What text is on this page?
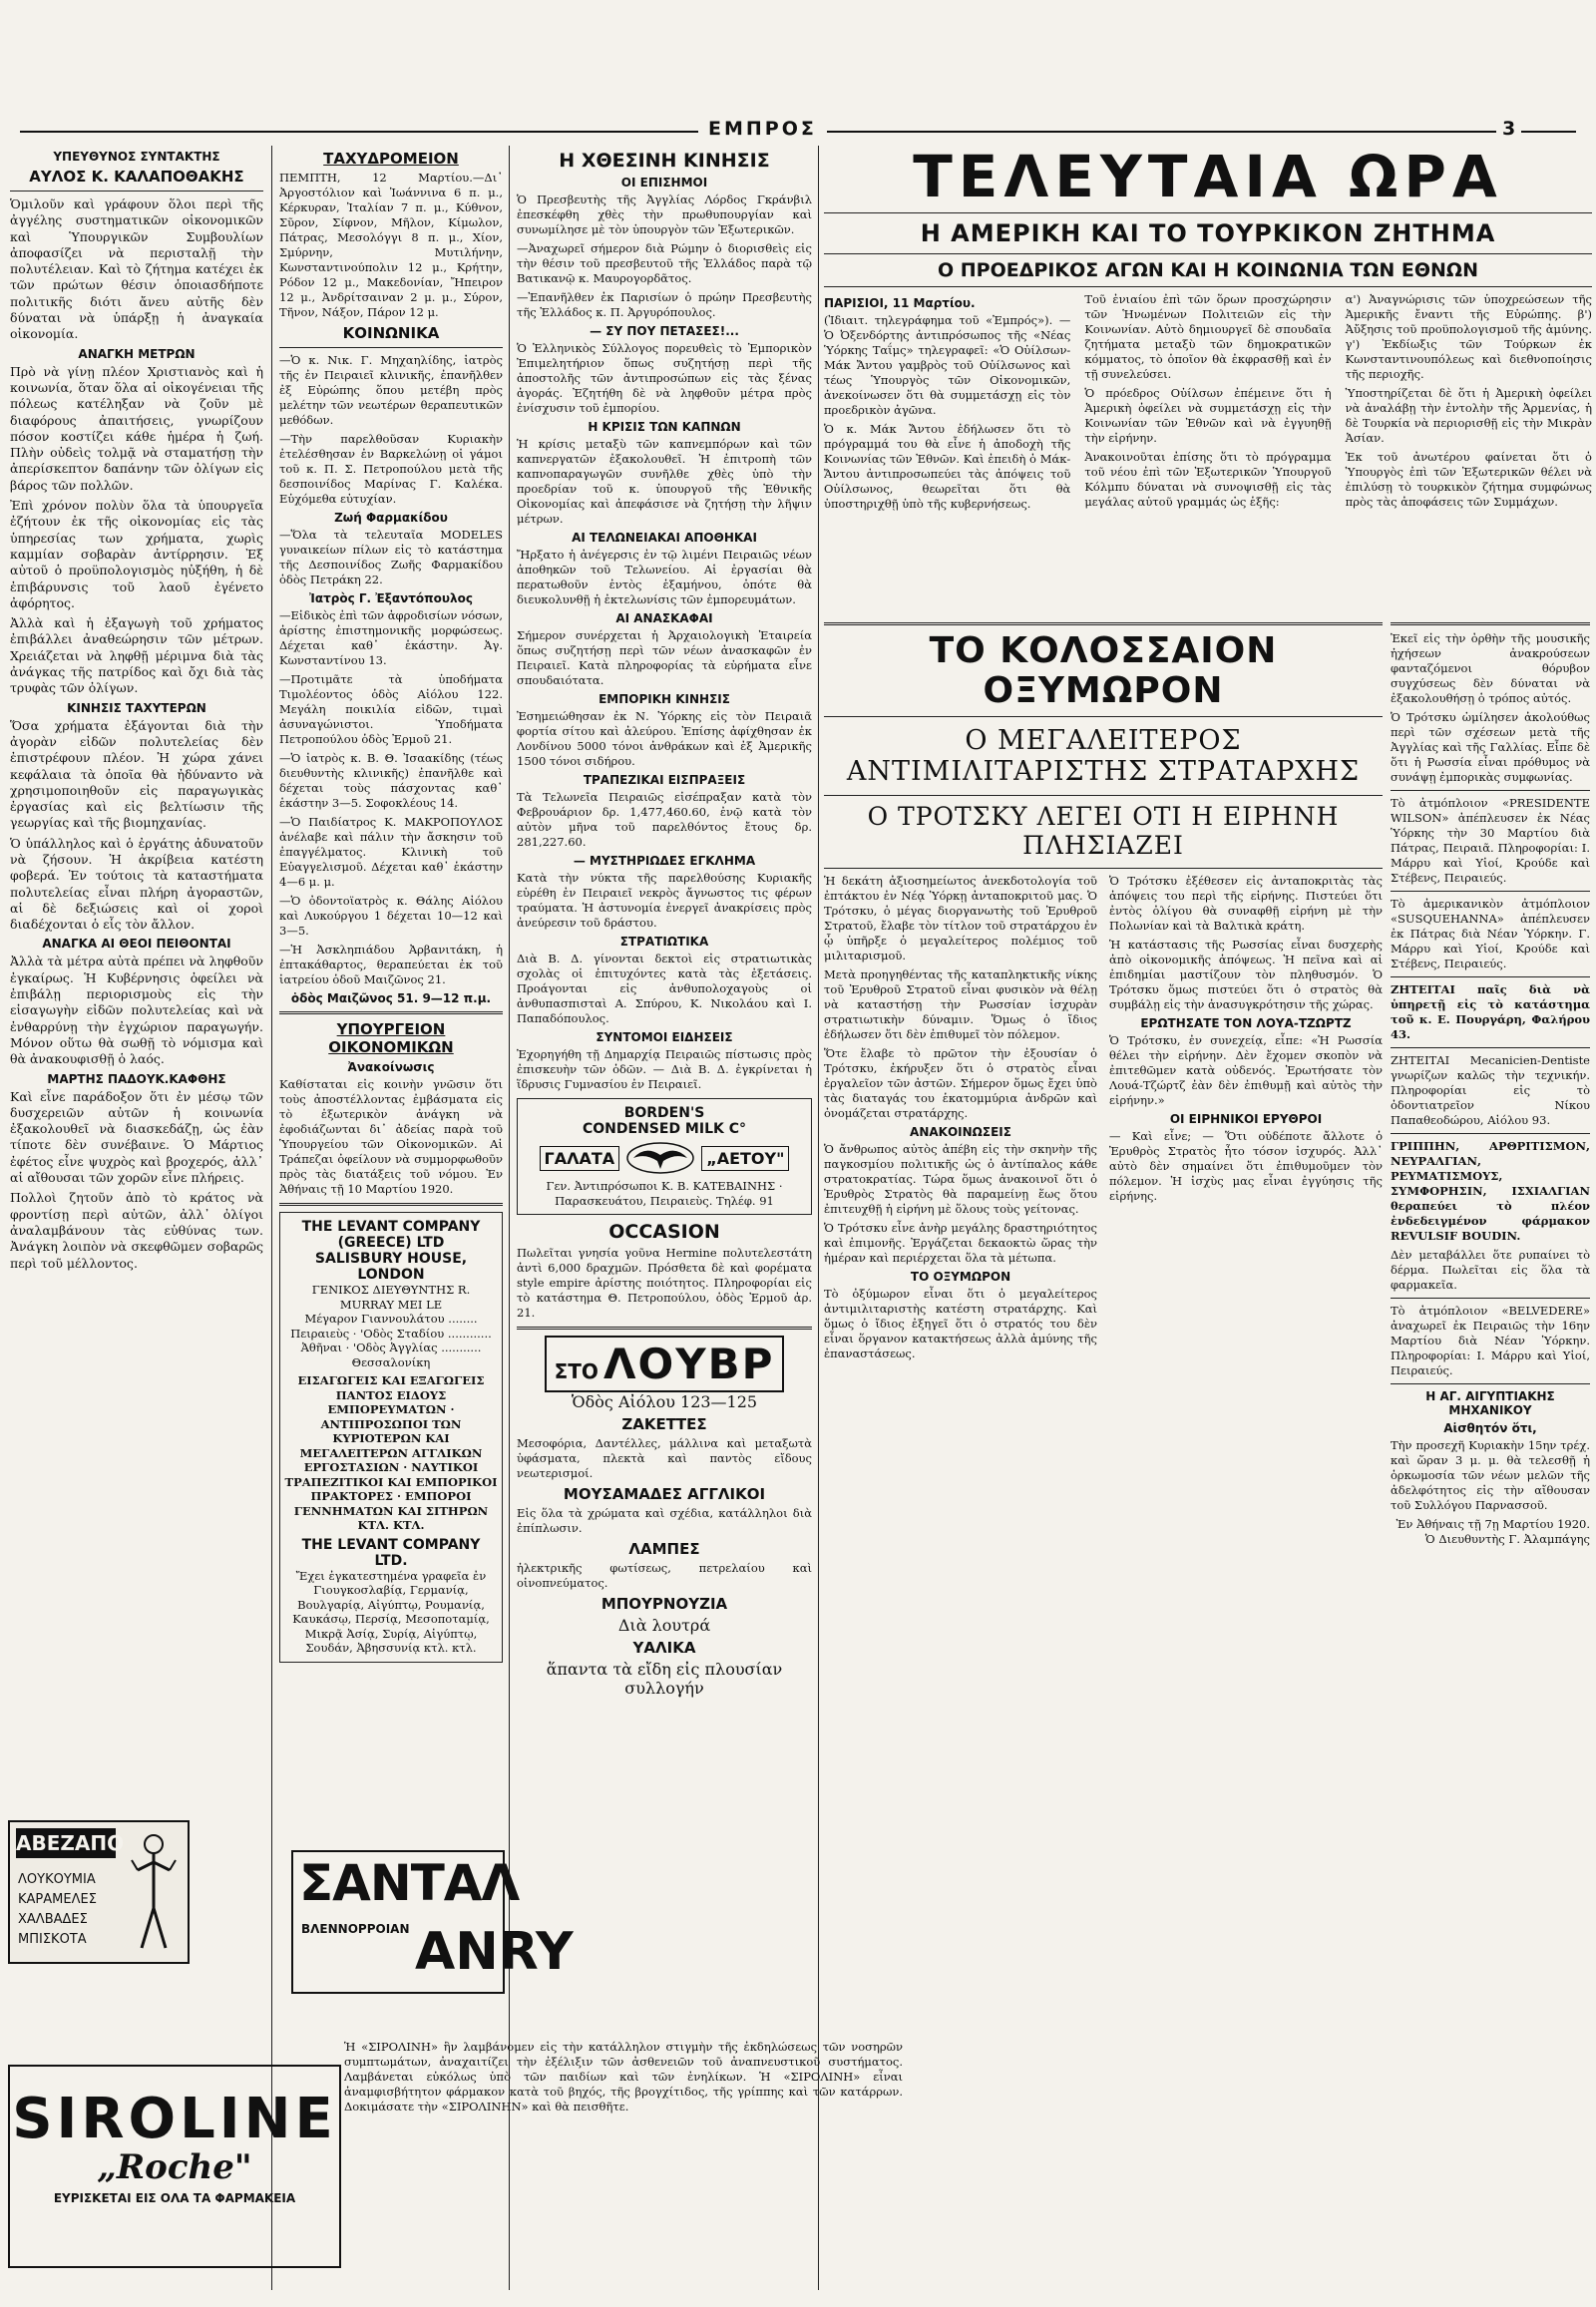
ΕΜΠΡΟΣ	3
ΥΠΕΥΘΥΝΟΣ ΣΥΝΤΑΚΤΗΣ
ΑΥΛΟΣ Κ. ΚΑΛΑΠΟΘΑΚΗΣ

Ὁμιλοῦν καὶ γράφουν ὅλοι περὶ τῆς ἀγγέλης συστηματικῶν οἰκονομικῶν καὶ Ὑπουργικῶν Συμβουλίων ἀποφασίζει νὰ περισταλῇ τὴν πολυτέλειαν. Καὶ τὸ ζήτημα κατέχει ἐκ τῶν πρώτων θέσιν ὁποιασδήποτε πολιτικῆς διότι ἄνευ αὐτῆς δὲν δύναται νὰ ὑπάρξῃ ἡ ἀναγκαία οἰκονομία.

ΑΝΑΓΚΗ ΜΕΤΡΩΝ

Πρὸ νὰ γίνῃ πλέον Χριστιανὸς καὶ ἡ κοινωνία, ὅταν ὅλα αἱ οἰκογένειαι τῆς πόλεως κατέληξαν νὰ ζοῦν μὲ διαφόρους ἀπαιτήσεις, γνωρίζουν πόσον κοστίζει κάθε ἡμέρα ἡ ζωή. Πλὴν οὐδεὶς τολμᾷ νὰ σταματήσῃ τὴν ἀπερίσκεπτον δαπάνην τῶν ὀλίγων εἰς βάρος τῶν πολλῶν.

Ἐπὶ χρόνον πολὺν ὅλα τὰ ὑπουργεῖα ἐζήτουν ἐκ τῆς οἰκονομίας εἰς τὰς ὑπηρεσίας των χρήματα, χωρὶς καμμίαν σοβαρὰν ἀντίρρησιν. Ἐξ αὐτοῦ ὁ προϋπολογισμὸς ηὐξήθη, ἡ δὲ ἐπιβάρυνσις τοῦ λαοῦ ἐγένετο ἀφόρητος.

Ἀλλὰ καὶ ἡ ἐξαγωγὴ τοῦ χρήματος ἐπιβάλλει ἀναθεώρησιν τῶν μέτρων. Χρειάζεται νὰ ληφθῇ μέριμνα διὰ τὰς ἀνάγκας τῆς πατρίδος καὶ ὄχι διὰ τὰς τρυφὰς τῶν ὀλίγων.

ΚΙΝΗΣΙΣ ΤΑΧΥΤΕΡΩΝ

Ὅσα χρήματα ἐξάγονται διὰ τὴν ἀγορὰν εἰδῶν πολυτελείας δὲν ἐπιστρέφουν πλέον. Ἡ χώρα χάνει κεφάλαια τὰ ὁποῖα θὰ ἠδύναντο νὰ χρησιμοποιηθοῦν εἰς παραγωγικὰς ἐργασίας καὶ εἰς βελτίωσιν τῆς γεωργίας καὶ τῆς βιομηχανίας.

Ὁ ὑπάλληλος καὶ ὁ ἐργάτης ἀδυνατοῦν νὰ ζήσουν. Ἡ ἀκρίβεια κατέστη φοβερά. Ἐν τούτοις τὰ καταστήματα πολυτελείας εἶναι πλήρη ἀγοραστῶν, αἱ δὲ δεξιώσεις καὶ οἱ χοροὶ διαδέχονται ὁ εἷς τὸν ἄλλον.

ΑΝΑΓΚΑ ΑΙ ΘΕΟΙ ΠΕΙΘΟΝΤΑΙ

Ἀλλὰ τὰ μέτρα αὐτὰ πρέπει νὰ ληφθοῦν ἐγκαίρως. Ἡ Κυβέρνησις ὀφείλει νὰ ἐπιβάλῃ περιορισμοὺς εἰς τὴν εἰσαγωγὴν εἰδῶν πολυτελείας καὶ νὰ ἐνθαρρύνῃ τὴν ἐγχώριον παραγωγήν. Μόνον οὕτω θὰ σωθῇ τὸ νόμισμα καὶ θὰ ἀνακουφισθῇ ὁ λαός.

ΜΑΡΤΗΣ ΠΑΔΟΥΚ.ΚΑΦΘΗΣ

Καὶ εἶνε παράδοξον ὅτι ἐν μέσῳ τῶν δυσχερειῶν αὐτῶν ἡ κοινωνία ἐξακολουθεῖ νὰ διασκεδάζῃ, ὡς ἐὰν τίποτε δὲν συνέβαινε. Ὁ Μάρτιος ἐφέτος εἶνε ψυχρὸς καὶ βροχερός, ἀλλ᾽ αἱ αἴθουσαι τῶν χορῶν εἶνε πλήρεις.

Πολλοὶ ζητοῦν ἀπὸ τὸ κράτος νὰ φροντίσῃ περὶ αὐτῶν, ἀλλ᾽ ὀλίγοι ἀναλαμβάνουν τὰς εὐθύνας των. Ἀνάγκη λοιπὸν νὰ σκεφθῶμεν σοβαρῶς περὶ τοῦ μέλλοντος.

ΤΑΧΥΔΡΟΜΕΙΟΝ

ΠΕΜΠΤΗ, 12 Μαρτίου.—Δι᾽ Ἀργοστόλιον καὶ Ἰωάννινα 6 π. μ., Κέρκυραν, Ἰταλίαν 7 π. μ., Κύθνον, Σῦρον, Σίφνον, Μῆλον, Κίμωλον, Πάτρας, Μεσολόγγι 8 π. μ., Χίον, Σμύρνην, Μυτιλήνην, Κωνσταντινούπολιν 12 μ., Κρήτην, Ρόδον 12 μ., Μακεδονίαν, Ἤπειρον 12 μ., Ἀνδρίτσαιναν 2 μ. μ., Σύρον, Τῆνον, Νάξον, Πάρον 12 μ.

ΚΟΙΝΩΝΙΚΑ

—Ὁ κ. Νικ. Γ. Μηχαηλίδης, ἰατρὸς τῆς ἐν Πειραιεῖ κλινικῆς, ἐπανῆλθεν ἐξ Εὐρώπης ὅπου μετέβη πρὸς μελέτην τῶν νεωτέρων θεραπευτικῶν μεθόδων.

—Τὴν παρελθοῦσαν Κυριακὴν ἐτελέσθησαν ἐν Βαρκελώνῃ οἱ γάμοι τοῦ κ. Π. Σ. Πετροπούλου μετὰ τῆς δεσποινίδος Μαρίνας Γ. Καλέκα. Εὐχόμεθα εὐτυχίαν.

Ζωή Φαρμακίδου

—Ὅλα τὰ τελευταῖα MODELES γυναικείων πίλων εἰς τὸ κατάστημα τῆς Δεσποινίδος Ζωῆς Φαρμακίδου ὁδὸς Πετράκη 22.

Ἰατρὸς Γ. Ἐξαντόπουλος

—Εἰδικὸς ἐπὶ τῶν ἀφροδισίων νόσων, ἀρίστης ἐπιστημονικῆς μορφώσεως. Δέχεται καθ᾽ ἑκάστην. Ἀγ. Κωνσταντίνου 13.

—Προτιμᾶτε τὰ ὑποδήματα Τιμολέοντος ὁδὸς Αἰόλου 122. Μεγάλη ποικιλία εἰδῶν, τιμαὶ ἀσυναγώνιστοι. Ὑποδήματα Πετροπούλου ὁδὸς Ἐρμοῦ 21.

—Ὁ ἰατρὸς κ. Β. Θ. Ἰσαακίδης (τέως διευθυντὴς κλινικῆς) ἐπανῆλθε καὶ δέχεται τοὺς πάσχοντας καθ᾽ ἑκάστην 3—5. Σοφοκλέους 14.

—Ὁ Παιδίατρος Κ. ΜΑΚΡΟΠΟΥΛΟΣ ἀνέλαβε καὶ πάλιν τὴν ἄσκησιν τοῦ ἐπαγγέλματος. Κλινικὴ τοῦ Εὐαγγελισμοῦ. Δέχεται καθ᾽ ἑκάστην 4—6 μ. μ.

—Ὁ ὀδοντοϊατρὸς κ. Θάλης Αἰόλου καὶ Λυκούργου 1 δέχεται 10—12 καὶ 3—5.

—Ἡ Ἀσκληπιάδου Ἀρβανιτάκη, ἡ ἐπτακάθαρτος, θεραπεύεται ἐκ τοῦ ἰατρείου ὁδοῦ Μαιζῶνος 21.

ὁδὸς Μαιζῶνος 51. 9—12 π.μ.
ΥΠΟΥΡΓΕΙΟΝ ΟΙΚΟΝΟΜΙΚΩΝ
Ἀνακοίνωσις

Καθίσταται εἰς κοινὴν γνῶσιν ὅτι τοὺς ἀποστέλλοντας ἐμβάσματα εἰς τὸ ἐξωτερικὸν ἀνάγκη νὰ ἐφοδιάζωνται δι᾽ ἀδείας παρὰ τοῦ Ὑπουργείου τῶν Οἰκονομικῶν. Αἱ Τράπεζαι ὀφείλουν νὰ συμμορφωθοῦν πρὸς τὰς διατάξεις τοῦ νόμου. Ἐν Ἀθήναις τῇ 10 Μαρτίου 1920.

THE LEVANT COMPANY (GREECE) LTD
SALISBURY HOUSE, LONDON
ΓΕΝΙΚΟΣ ΔΙΕΥΘΥΝΤΗΣ R. MURRAY MEI LE
Μέγαρον Γιαννουλάτου ........ Πειραιεὺς · 'Οδὸς Σταδίου ............ Ἀθῆναι · 'Οδὸς Ἀγγλίας ........... Θεσσαλονίκη
ΕΙΣΑΓΩΓΕΙΣ ΚΑΙ ΕΞΑΓΩΓΕΙΣ ΠΑΝΤΟΣ ΕΙΔΟΥΣ ΕΜΠΟΡΕΥΜΑΤΩΝ · ΑΝΤΙΠΡΟΣΩΠΟΙ ΤΩΝ ΚΥΡΙΟΤΕΡΩΝ ΚΑΙ ΜΕΓΑΛΕΙΤΕΡΩΝ ΑΓΓΛΙΚΩΝ ΕΡΓΟΣΤΑΣΙΩΝ · ΝΑΥΤΙΚΟΙ ΤΡΑΠΕΖΙΤΙΚΟΙ ΚΑΙ ΕΜΠΟΡΙΚΟΙ ΠΡΑΚΤΟΡΕΣ · ΕΜΠΟΡΟΙ ΓΕΝΝΗΜΑΤΩΝ ΚΑΙ ΣΙΤΗΡΩΝ ΚΤΛ. ΚΤΛ.
THE LEVANT COMPANY LTD.
Ἔχει ἐγκατεστημένα γραφεῖα ἐν Γιουγκοσλαβίᾳ, Γερμανίᾳ, Βουλγαρίᾳ, Αἰγύπτῳ, Ρουμανίᾳ, Καυκάσῳ, Περσίᾳ, Μεσοποταμίᾳ, Μικρᾷ Ἀσίᾳ, Συρίᾳ, Αἰγύπτῳ, Σουδάν, Ἀβησσυνίᾳ κτλ. κτλ.
Η ΧΘΕΣΙΝΗ ΚΙΝΗΣΙΣ
ΟΙ ΕΠΙΣΗΜΟΙ

Ὁ Πρεσβευτὴς τῆς Ἀγγλίας Λόρδος Γκράνβιλ ἐπεσκέφθη χθὲς τὴν πρωθυπουργίαν καὶ συνωμίλησε μὲ τὸν ὑπουργὸν τῶν Ἐξωτερικῶν.

—Ἀναχωρεῖ σήμερον διὰ Ρώμην ὁ διορισθεὶς εἰς τὴν θέσιν τοῦ πρεσβευτοῦ τῆς Ἑλλάδος παρὰ τῷ Βατικανῷ κ. Μαυρογορδᾶτος.

—Ἐπανῆλθεν ἐκ Παρισίων ὁ πρώην Πρεσβευτὴς τῆς Ἑλλάδος κ. Π. Ἀργυρόπουλος.

— ΣΥ ΠΟΥ ΠΕΤΑΣΕΣ!...

Ὁ Ἑλληνικὸς Σύλλογος πορευθεὶς τὸ Ἐμπορικὸν Ἐπιμελητήριον ὅπως συζητήσῃ περὶ τῆς ἀποστολῆς τῶν ἀντιπροσώπων εἰς τὰς ξένας ἀγοράς. Ἐζητήθη δὲ νὰ ληφθοῦν μέτρα πρὸς ἐνίσχυσιν τοῦ ἐμπορίου.

Η ΚΡΙΣΙΣ ΤΩΝ ΚΑΠΝΩΝ

Ἡ κρίσις μεταξὺ τῶν καπνεμπόρων καὶ τῶν καπνεργατῶν ἐξακολουθεῖ. Ἡ ἐπιτροπὴ τῶν καπνοπαραγωγῶν συνῆλθε χθὲς ὑπὸ τὴν προεδρίαν τοῦ κ. ὑπουργοῦ τῆς Ἐθνικῆς Οἰκονομίας καὶ ἀπεφάσισε νὰ ζητήσῃ τὴν λῆψιν μέτρων.

ΑΙ ΤΕΛΩΝΕΙΑΚΑΙ ΑΠΟΘΗΚΑΙ

Ἤρξατο ἡ ἀνέγερσις ἐν τῷ λιμένι Πειραιῶς νέων ἀποθηκῶν τοῦ Τελωνείου. Αἱ ἐργασίαι θὰ περατωθοῦν ἐντὸς ἑξαμήνου, ὁπότε θὰ διευκολυνθῇ ἡ ἐκτελωνίσις τῶν ἐμπορευμάτων.

ΑΙ ΑΝΑΣΚΑΦΑΙ

Σήμερον συνέρχεται ἡ Ἀρχαιολογικὴ Ἑταιρεία ὅπως συζητήσῃ περὶ τῶν νέων ἀνασκαφῶν ἐν Πειραιεῖ. Κατὰ πληροφορίας τὰ εὑρήματα εἶνε σπουδαιότατα.

ΕΜΠΟΡΙΚΗ ΚΙΝΗΣΙΣ

Ἐσημειώθησαν ἐκ Ν. Ὑόρκης εἰς τὸν Πειραιᾶ φορτία σίτου καὶ ἀλεύρου. Ἐπίσης ἀφίχθησαν ἐκ Λονδίνου 5000 τόνοι ἀνθράκων καὶ ἐξ Ἀμερικῆς 1500 τόνοι σιδήρου.

ΤΡΑΠΕΖΙΚΑΙ ΕΙΣΠΡΑΞΕΙΣ

Τὰ Τελωνεῖα Πειραιῶς εἰσέπραξαν κατὰ τὸν Φεβρουάριον δρ. 1,477,460.60, ἐνῷ κατὰ τὸν αὐτὸν μῆνα τοῦ παρελθόντος ἔτους δρ. 281,227.60.

— ΜΥΣΤΗΡΙΩΔΕΣ ΕΓΚΛΗΜΑ

Κατὰ τὴν νύκτα τῆς παρελθούσης Κυριακῆς εὑρέθη ἐν Πειραιεῖ νεκρὸς ἄγνωστος τις φέρων τραύματα. Ἡ ἀστυνομία ἐνεργεῖ ἀνακρίσεις πρὸς ἀνεύρεσιν τοῦ δράστου.

ΣΤΡΑΤΙΩΤΙΚΑ

Διὰ Β. Δ. γίνονται δεκτοὶ εἰς στρατιωτικὰς σχολὰς οἱ ἐπιτυχόντες κατὰ τὰς ἐξετάσεις. Προάγονται εἰς ἀνθυπολοχαγοὺς οἱ ἀνθυπασπισταὶ Α. Σπύρου, Κ. Νικολάου καὶ Ι. Παπαδόπουλος.

ΣΥΝΤΟΜΟΙ ΕΙΔΗΣΕΙΣ

Ἐχορηγήθη τῇ Δημαρχίᾳ Πειραιῶς πίστωσις πρὸς ἐπισκευὴν τῶν ὁδῶν. — Διὰ Β. Δ. ἐγκρίνεται ἡ ἵδρυσις Γυμνασίου ἐν Πειραιεῖ.

BORDEN'S
CONDENSED MILK C°
ΓΑΛΑΤΑ	„ΑΕΤΟΥ"
Γεν. Ἀντιπρόσωποι Κ. Β. ΚΑΤΕΒΑΙΝΗΣ · Παρασκευάτου, Πειραιεὺς. Τηλέφ. 91
OCCASION

Πωλεῖται γνησία γοῦνα Hermine πολυτελεστάτη ἀντὶ 6,000 δραχμῶν. Πρόσθετα δὲ καὶ φορέματα style empire ἀρίστης ποιότητος. Πληροφορίαι εἰς τὸ κατάστημα Θ. Πετροπούλου, ὁδὸς Ἐρμοῦ ἀρ. 21.

ΣΤΟ ΛΟΥΒΡ
Ὁδὸς Αἰόλου 123—125
ΖΑΚΕΤΤΕΣ

Μεσοφόρια, Δαντέλλες, μάλλινα καὶ μεταξωτὰ ὑφάσματα, πλεκτὰ καὶ παντὸς εἴδους νεωτερισμοί.

ΜΟΥΣΑΜΑΔΕΣ ΑΓΓΛΙΚΟΙ

Εἰς ὅλα τὰ χρώματα καὶ σχέδια, κατάλληλοι διὰ ἐπίπλωσιν.

ΛΑΜΠΕΣ

ἠλεκτρικῆς φωτίσεως, πετρελαίου καὶ οἰνοπνεύματος.

ΜΠΟΥΡΝΟΥΖΙΑ
Διὰ λουτρά
ΥΑΛΙΚΑ
ἅπαντα τὰ εἴδη εἰς πλουσίαν συλλογήν
ΤΕΛΕΥΤΑΙΑ ΩΡΑ
Η ΑΜΕΡΙΚΗ ΚΑΙ ΤΟ ΤΟΥΡΚΙΚΟΝ ΖΗΤΗΜΑ
Ο ΠΡΟΕΔΡΙΚΟΣ ΑΓΩΝ ΚΑΙ Η ΚΟΙΝΩΝΙΑ ΤΩΝ ΕΘΝΩΝ
ΠΑΡΙΣΙΟΙ, 11 Μαρτίου.

(Ἰδιαιτ. τηλεγράφημα τοῦ «Ἐμπρός»). — Ὁ Ὀξενδόρτης ἀντιπρόσωπος τῆς «Νέας Ὑόρκης Ταΐμς» τηλεγραφεῖ: «Ὁ Οὐίλσων-Μάκ Ἄντου γαμβρὸς τοῦ Οὐίλσωνος καὶ τέως Ὑπουργὸς τῶν Οἰκονομικῶν, ἀνεκοίνωσεν ὅτι θὰ συμμετάσχῃ εἰς τὸν προεδρικὸν ἀγῶνα.

Ὁ κ. Μάκ Ἄντου ἐδήλωσεν ὅτι τὸ πρόγραμμά του θὰ εἶνε ἡ ἀποδοχὴ τῆς Κοινωνίας τῶν Ἐθνῶν. Καὶ ἐπειδὴ ὁ Μάκ-Ἄντου ἀντιπροσωπεύει τὰς ἀπόψεις τοῦ Οὐίλσωνος, θεωρεῖται ὅτι θὰ ὑποστηριχθῇ ὑπὸ τῆς κυβερνήσεως.

Τοῦ ἐνιαίου ἐπὶ τῶν ὅρων προσχώρησιν τῶν Ἡνωμένων Πολιτειῶν εἰς τὴν Κοινωνίαν. Αὐτὸ δημιουργεῖ δὲ σπουδαῖα ζητήματα μεταξὺ τῶν δημοκρατικῶν κόμματος, τὸ ὁποῖον θὰ ἐκφρασθῇ καὶ ἐν τῇ συνελεύσει.

Ὁ πρόεδρος Οὐίλσων ἐπέμεινε ὅτι ἡ Ἀμερικὴ ὀφείλει νὰ συμμετάσχῃ εἰς τὴν Κοινωνίαν τῶν Ἐθνῶν καὶ νὰ ἐγγυηθῇ τὴν εἰρήνην.

Ἀνακοινοῦται ἐπίσης ὅτι τὸ πρόγραμμα τοῦ νέου ἐπὶ τῶν Ἐξωτερικῶν Ὑπουργοῦ Κόλμπυ δύναται νὰ συνοψισθῇ εἰς τὰς μεγάλας αὐτοῦ γραμμάς ὡς ἑξῆς:

α') Ἀναγνώρισις τῶν ὑποχρεώσεων τῆς Ἀμερικῆς ἔναντι τῆς Εὐρώπης. β') Ἀὔξησις τοῦ προϋπολογισμοῦ τῆς ἀμύνης. γ') Ἐκδίωξις τῶν Τούρκων ἐκ Κωνσταντινουπόλεως καὶ διεθνοποίησις τῆς περιοχῆς.

Ὑποστηρίζεται δὲ ὅτι ἡ Ἀμερικὴ ὀφείλει νὰ ἀναλάβῃ τὴν ἐντολὴν τῆς Ἀρμενίας, ἡ δὲ Τουρκία νὰ περιορισθῇ εἰς τὴν Μικρὰν Ἀσίαν.

Ἐκ τοῦ ἀνωτέρου φαίνεται ὅτι ὁ Ὑπουργὸς ἐπὶ τῶν Ἐξωτερικῶν θέλει νὰ ἐπιλύσῃ τὸ τουρκικὸν ζήτημα συμφώνως πρὸς τὰς ἀποφάσεις τῶν Συμμάχων.

ΤΟ ΚΟΛΟΣΣΑΙΟΝ ΟΞΥΜΩΡΟΝ
Ο ΜΕΓΑΛΕΙΤΕΡΟΣ ΑΝΤΙΜΙΛΙΤΑΡΙΣΤΗΣ ΣΤΡΑΤΑΡΧΗΣ
Ο ΤΡΟΤΣΚΥ ΛΕΓΕΙ ΟΤΙ Η ΕΙΡΗΝΗ ΠΛΗΣΙΑΖΕΙ

Ἡ δεκάτη ἀξιοσημείωτος ἀνεκδοτολογία τοῦ ἐπτάκτου ἐν Νέᾳ Ὑόρκῃ ἀνταποκριτοῦ μας. Ὁ Τρότσκυ, ὁ μέγας διοργανωτὴς τοῦ Ἐρυθροῦ Στρατοῦ, ἔλαβε τὸν τίτλον τοῦ στρατάρχου ἐν ᾧ ὑπῆρξε ὁ μεγαλείτερος πολέμιος τοῦ μιλιταρισμοῦ.

Μετὰ προηγηθέντας τῆς καταπληκτικῆς νίκης τοῦ Ἐρυθροῦ Στρατοῦ εἶναι φυσικὸν νὰ θέλῃ νὰ καταστήσῃ τὴν Ρωσσίαν ἰσχυρὰν στρατιωτικὴν δύναμιν. Ὅμως ὁ ἴδιος ἐδήλωσεν ὅτι δὲν ἐπιθυμεῖ τὸν πόλεμον.

Ὅτε ἔλαβε τὸ πρῶτον τὴν ἐξουσίαν ὁ Τρότσκυ, ἐκήρυξεν ὅτι ὁ στρατὸς εἶναι ἐργαλεῖον τῶν ἀστῶν. Σήμερον ὅμως ἔχει ὑπὸ τὰς διαταγάς του ἑκατομμύρια ἀνδρῶν καὶ ὀνομάζεται στρατάρχης.

ΑΝΑΚΟΙΝΩΣΕΙΣ

Ὁ ἄνθρωπος αὐτὸς ἀπέβη εἰς τὴν σκηνὴν τῆς παγκοσμίου πολιτικῆς ὡς ὁ ἀντίπαλος κάθε στρατοκρατίας. Τώρα ὅμως ἀνακοινοῖ ὅτι ὁ Ἐρυθρὸς Στρατὸς θὰ παραμείνῃ ἕως ὅτου ἐπιτευχθῇ ἡ εἰρήνη μὲ ὅλους τοὺς γείτονας.

Ὁ Τρότσκυ εἶνε ἀνὴρ μεγάλης δραστηριότητος καὶ ἐπιμονῆς. Ἐργάζεται δεκαοκτὼ ὥρας τὴν ἡμέραν καὶ περιέρχεται ὅλα τὰ μέτωπα.

ΤΟ ΟΞΥΜΩΡΟΝ

Τὸ ὀξύμωρον εἶναι ὅτι ὁ μεγαλείτερος ἀντιμιλιταριστὴς κατέστη στρατάρχης. Καὶ ὅμως ὁ ἴδιος ἐξηγεῖ ὅτι ὁ στρατός του δὲν εἶναι ὅργανον κατακτήσεως ἀλλὰ ἀμύνης τῆς ἐπαναστάσεως.

Ὁ Τρότσκυ ἐξέθεσεν εἰς ἀνταποκριτὰς τὰς ἀπόψεις του περὶ τῆς εἰρήνης. Πιστεύει ὅτι ἐντὸς ὀλίγου θὰ συναφθῇ εἰρήνη μὲ τὴν Πολωνίαν καὶ τὰ Βαλτικὰ κράτη.

Ἡ κατάστασις τῆς Ρωσσίας εἶναι δυσχερὴς ἀπὸ οἰκονομικῆς ἀπόψεως. Ἡ πεῖνα καὶ αἱ ἐπιδημίαι μαστίζουν τὸν πληθυσμόν. Ὁ Τρότσκυ ὅμως πιστεύει ὅτι ὁ στρατὸς θὰ συμβάλῃ εἰς τὴν ἀνασυγκρότησιν τῆς χώρας.

ΕΡΩΤΗΣΑΤΕ ΤΟΝ ΛΟΥΑ-ΤΖΩΡΤΖ

Ὁ Τρότσκυ, ἐν συνεχείᾳ, εἶπε: «Ἡ Ρωσσία θέλει τὴν εἰρήνην. Δὲν ἔχομεν σκοπὸν νὰ ἐπιτεθῶμεν κατὰ οὐδενός. Ἐρωτήσατε τὸν Λουά-Τζώρτζ ἐὰν δὲν ἐπιθυμῇ καὶ αὐτὸς τὴν εἰρήνην.»

ΟΙ ΕΙΡΗΝΙΚΟΙ ΕΡΥΘΡΟΙ

— Καὶ εἶνε; — Ὅτι οὐδέποτε ἄλλοτε ὁ Ἐρυθρὸς Στρατὸς ἦτο τόσον ἰσχυρός. Ἀλλ᾽ αὐτὸ δὲν σημαίνει ὅτι ἐπιθυμοῦμεν τὸν πόλεμον. Ἡ ἰσχὺς μας εἶναι ἐγγύησις τῆς εἰρήνης.

Ἐκεῖ εἰς τὴν ὀρθὴν τῆς μουσικῆς ἠχήσεων ἀνακρούσεων φανταζόμενοι θόρυβον συγχύσεως δὲν δύναται νὰ ἐξακολουθήσῃ ὁ τρόπος αὐτός.

Ὁ Τρότσκυ ὡμίλησεν ἀκολούθως περὶ τῶν σχέσεων μετὰ τῆς Ἀγγλίας καὶ τῆς Γαλλίας. Εἶπε δὲ ὅτι ἡ Ρωσσία εἶναι πρόθυμος νὰ συνάψῃ ἐμπορικὰς συμφωνίας.

Τὸ ἀτμόπλοιον «PRESIDENTE WILSON» ἀπέπλευσεν ἐκ Νέας Ὑόρκης τὴν 30 Μαρτίου διὰ Πάτρας, Πειραιᾶ. Πληροφορίαι: Ι. Μάρρυ καὶ Υἱοί, Κρούδε καὶ Στέβενς, Πειραιεύς.

Τὸ ἀμερικανικὸν ἀτμόπλοιον «SUSQUEHANNA» ἀπέπλευσεν ἐκ Πάτρας διὰ Νέαν Ὑόρκην. Γ. Μάρρυ καὶ Υἱοί, Κρούδε καὶ Στέβενς, Πειραιεύς.

ΖΗΤΕΙΤΑΙ παῖς διὰ νὰ ὑπηρετῇ εἰς τὸ κατάστημα τοῦ κ. Ε. Πουργάρη, Φαλήρου 43.

ΖΗΤΕΙΤΑΙ Mecanicien-Dentiste γνωρίζων καλῶς τὴν τεχνικήν. Πληροφορίαι εἰς τὸ ὀδοντιατρεῖον Νίκου Παπαθεοδώρου, Αἰόλου 93.

ΓΡΙΠΠΗΝ, ΑΡΘΡΙΤΙΣΜΟΝ, ΝΕΥΡΑΛΓΙΑΝ, ΡΕΥΜΑΤΙΣΜΟΥΣ, ΣΥΜΦΟΡΗΣΙΝ, ΙΣΧΙΑΛΓΙΑΝ θεραπεύει τὸ πλέον ἐνδεδειγμένον φάρμακον REVULSIF BOUDIN.

Δὲν μεταβάλλει ὅτε ρυπαίνει τὸ δέρμα. Πωλεῖται εἰς ὅλα τὰ φαρμακεῖα.

Τὸ ἀτμόπλοιον «BELVEDERE» ἀναχωρεῖ ἐκ Πειραιῶς τὴν 16ην Μαρτίου διὰ Νέαν Ὑόρκην. Πληροφορίαι: Ι. Μάρρυ καὶ Υἱοί, Πειραιεύς.

Η ΑΓ. ΑΙΓΥΠΤΙΑΚΗΣ ΜΗΧΑΝΙΚΟΥ
Αἰσθητόν ὅτι,

Τὴν προσεχῆ Κυριακὴν 15ην τρέχ. καὶ ὥραν 3 μ. μ. θὰ τελεσθῇ ἡ ὁρκωμοσία τῶν νέων μελῶν τῆς ἀδελφότητος εἰς τὴν αἴθουσαν τοῦ Συλλόγου Παρνασσοῦ.

Ἐν Ἀθήναις τῇ 7ῃ Μαρτίου 1920. Ὁ Διευθυντὴς Γ. Ἀλαμπάγης

ΑΒΕΖΑΠΟ
ΛΟΥΚΟΥΜΙΑ
ΚΑΡΑΜΕΛΕΣ
ΧΑΛΒΑΔΕΣ
ΜΠΙΣΚΟΤΑ
ΣΑΝΤΑΛ
ΒΛΕΝΝΟΡΡΟΙΑΝ ANRY
SIROLINE
„Roche"
ΕΥΡΙΣΚΕΤΑΙ ΕΙΣ ΟΛΑ ΤΑ ΦΑΡΜΑΚΕΙΑ
Ἡ «ΣΙΡΟΛΙΝΗ» ἣν λαμβάνομεν εἰς τὴν κατάλληλον στιγμὴν τῆς ἐκδηλώσεως τῶν νοσηρῶν συμπτωμάτων, ἀναχαιτίζει τὴν ἐξέλιξιν τῶν ἀσθενειῶν τοῦ ἀναπνευστικοῦ συστήματος. Λαμβάνεται εὐκόλως ὑπὸ τῶν παιδίων καὶ τῶν ἐνηλίκων. Ἡ «ΣΙΡΟΛΙΝΗ» εἶναι ἀναμφισβήτητον φάρμακον κατὰ τοῦ βηχός, τῆς βρογχίτιδος, τῆς γρίππης καὶ τῶν κατάρρων. Δοκιμάσατε τὴν «ΣΙΡΟΛΙΝΗΝ» καὶ θὰ πεισθῆτε.
